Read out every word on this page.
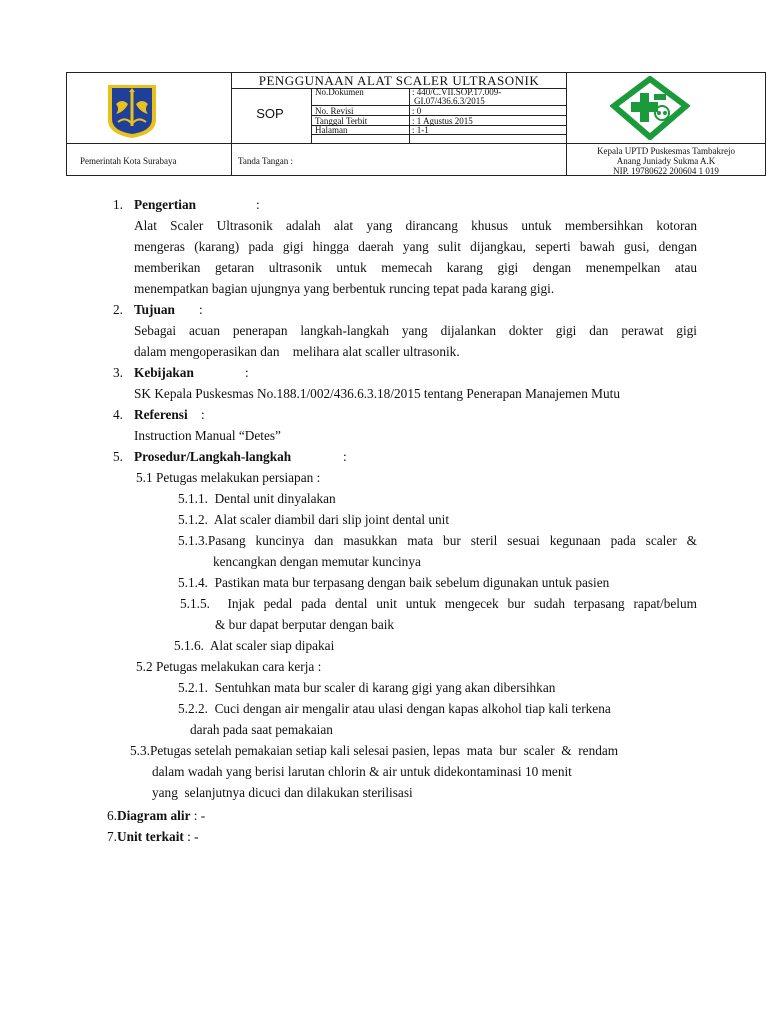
PENGGUNAAN ALAT SCALER ULTRASONIK
SOP
No.Dokumen	: 440/C.VII.SOP.17.009-
GI.07/436.6.3/2015
No. Revisi	: 0
Tanggal Terbit	: 1 Agustus 2015
Halaman	: 1-1
Pemerintah Kota Surabaya	Tanda Tangan :
Kepala UPTD Puskesmas Tambakrejo
Anang Juniady Sukma A.K
NIP. 19780622 200604 1 019
1. Pengertian	:
Alat Scaler Ultrasonik adalah alat yang dirancang khusus untuk membersihkan kotoran
mengeras (karang) pada gigi hingga daerah yang sulit dijangkau, seperti bawah gusi, dengan
memberikan getaran ultrasonik untuk memecah karang gigi dengan menempelkan atau
menempatkan bagian ujungnya yang berbentuk runcing tepat pada karang gigi.
2. Tujuan :
Sebagai acuan penerapan langkah-langkah yang dijalankan dokter gigi dan perawat gigi
dalam mengoperasikan dan    melihara alat scaller ultrasonik.
3. Kebijakan	:
SK Kepala Puskesmas No.188.1/002/436.6.3.18/2015 tentang Penerapan Manajemen Mutu
4. Referensi :
Instruction Manual “Detes”
5. Prosedur/Langkah-langkah	:
5.1 Petugas melakukan persiapan :
5.1.1.  Dental unit dinyalakan
5.1.2.  Alat scaler diambil dari slip joint dental unit
5.1.3.Pasang kuncinya dan masukkan mata bur steril sesuai kegunaan pada scaler &
kencangkan dengan memutar kuncinya
5.1.4.  Pastikan mata bur terpasang dengan baik sebelum digunakan untuk pasien
5.1.5.  Injak pedal pada dental unit untuk mengecek bur sudah terpasang rapat/belum
& bur dapat berputar dengan baik
5.1.6.  Alat scaler siap dipakai
5.2 Petugas melakukan cara kerja :
5.2.1.  Sentuhkan mata bur scaler di karang gigi yang akan dibersihkan
5.2.2.  Cuci dengan air mengalir atau ulasi dengan kapas alkohol tiap kali terkena
darah pada saat pemakaian
5.3.Petugas setelah pemakaian setiap kali selesai pasien, lepas  mata  bur  scaler  &  rendam
dalam wadah yang berisi larutan chlorin & air untuk didekontaminasi 10 menit
yang  selanjutnya dicuci dan dilakukan sterilisasi
6.Diagram alir : -
7.Unit terkait : -
